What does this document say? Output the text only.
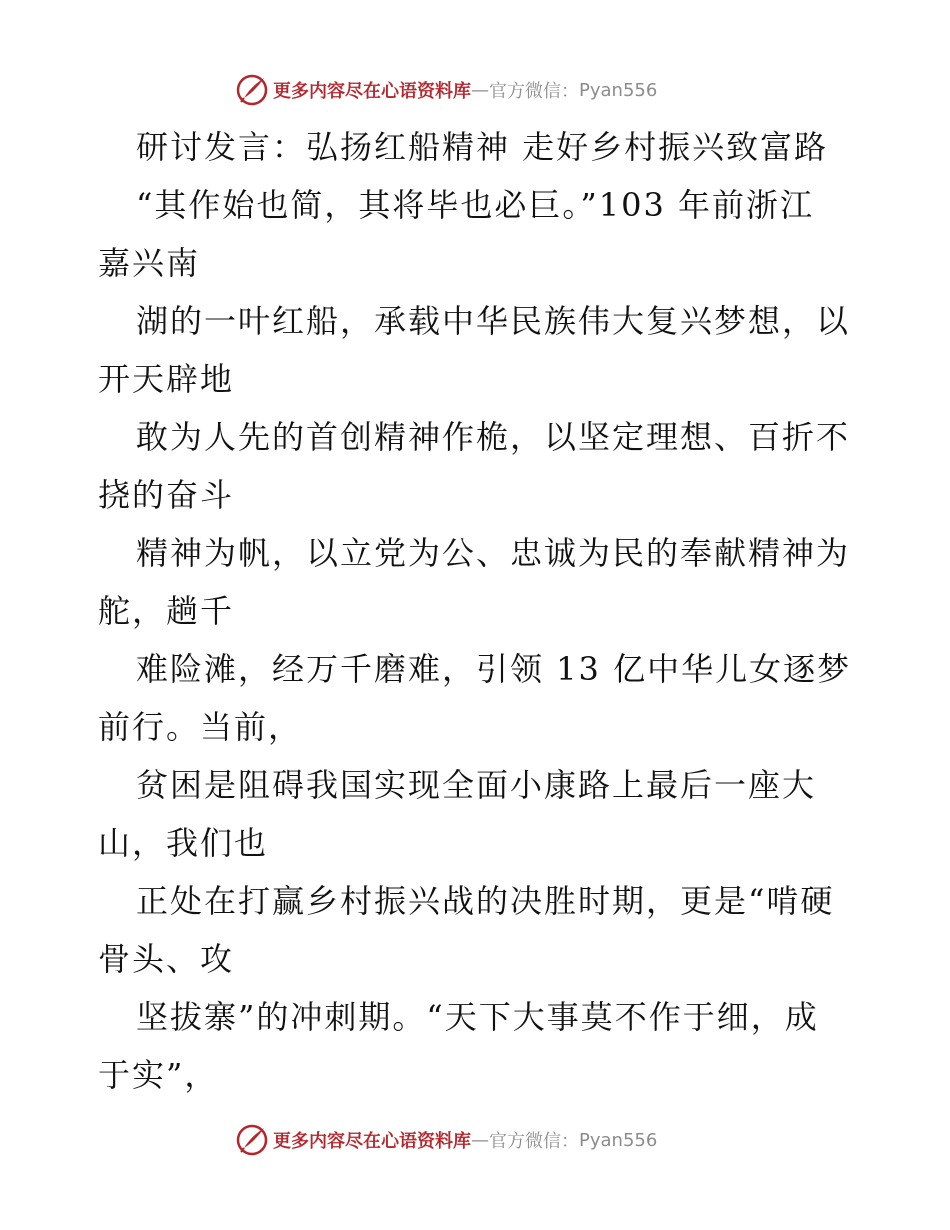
更多内容尽在心语资料库 — 官方微信： Pyan556
研讨发言：弘扬红船精神 走好乡村振兴致富路
“其作始也简，其将毕也必巨。”103 年前浙江
嘉兴南
湖的一叶红船，承载中华民族伟大复兴梦想，以
开天辟地
敢为人先的首创精神作桅，以坚定理想、百折不
挠的奋斗
精神为帆，以立党为公、忠诚为民的奉献精神为
舵，趟千
难险滩，经万千磨难，引领 13 亿中华儿女逐梦
前行。当前，
贫困是阻碍我国实现全面小康路上最后一座大
山，我们也
正处在打赢乡村振兴战的决胜时期，更是“啃硬
骨头、攻
坚拔寨”的冲刺期。“天下大事莫不作于细，成
于实”，
更多内容尽在心语资料库 — 官方微信： Pyan556
